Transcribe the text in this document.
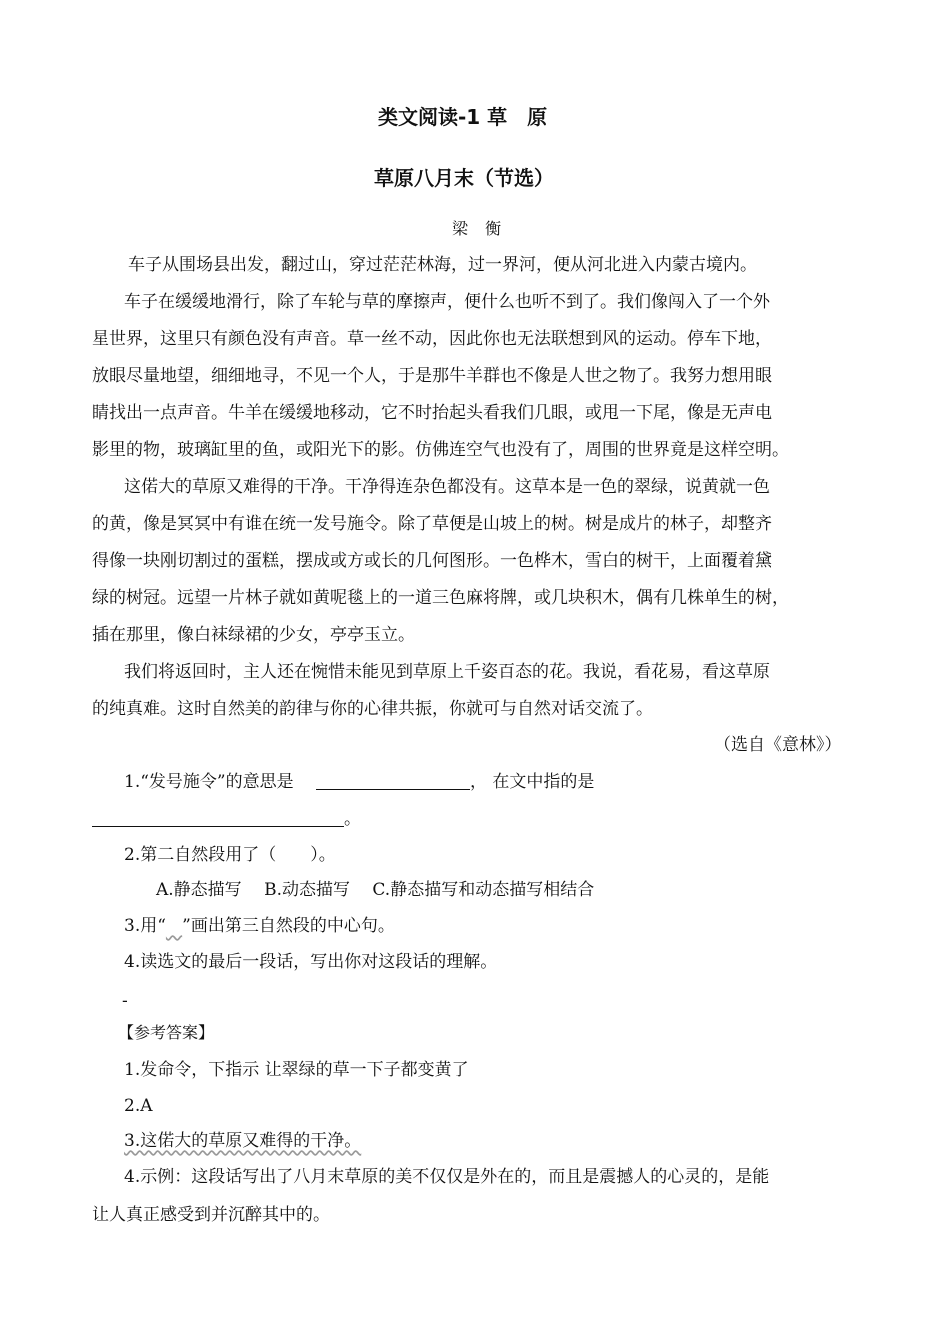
类文阅读-1 草　原
草原八月末（节选）
梁 衡
车子从围场县出发，翻过山，穿过茫茫林海，过一界河，便从河北进入内蒙古境内。
车子在缓缓地滑行，除了车轮与草的摩擦声，便什么也听不到了。我们像闯入了一个外
星世界，这里只有颜色没有声音。草一丝不动，因此你也无法联想到风的运动。停车下地，
放眼尽量地望，细细地寻，不见一个人，于是那牛羊群也不像是人世之物了。我努力想用眼
睛找出一点声音。牛羊在缓缓地移动，它不时抬起头看我们几眼，或甩一下尾，像是无声电
影里的物，玻璃缸里的鱼，或阳光下的影。仿佛连空气也没有了，周围的世界竟是这样空明。
这偌大的草原又难得的干净。干净得连杂色都没有。这草本是一色的翠绿，说黄就一色
的黄，像是冥冥中有谁在统一发号施令。除了草便是山坡上的树。树是成片的林子，却整齐
得像一块刚切割过的蛋糕，摆成或方或长的几何图形。一色桦木，雪白的树干，上面覆着黛
绿的树冠。远望一片林子就如黄呢毯上的一道三色麻将牌，或几块积木，偶有几株单生的树，
插在那里，像白袜绿裙的少女，亭亭玉立。
我们将返回时，主人还在惋惜未能见到草原上千姿百态的花。我说，看花易，看这草原
的纯真难。这时自然美的韵律与你的心律共振，你就可与自然对话交流了。
（选自《意林》）
1.“发号施令”的意思是	， 在文中指的是
。
2.第二自然段用了（　　）。
A.静态描写　 B.动态描写　 C.静态描写和动态描写相结合
3.用“ ”画出第三自然段的中心句。
4.读选文的最后一段话，写出你对这段话的理解。
-
【参考答案】
1.发命令，下指示 让翠绿的草一下子都变黄了
2.A
3.这偌大的草原又难得的干净。
4.示例：这段话写出了八月末草原的美不仅仅是外在的，而且是震撼人的心灵的，是能
让人真正感受到并沉醉其中的。
